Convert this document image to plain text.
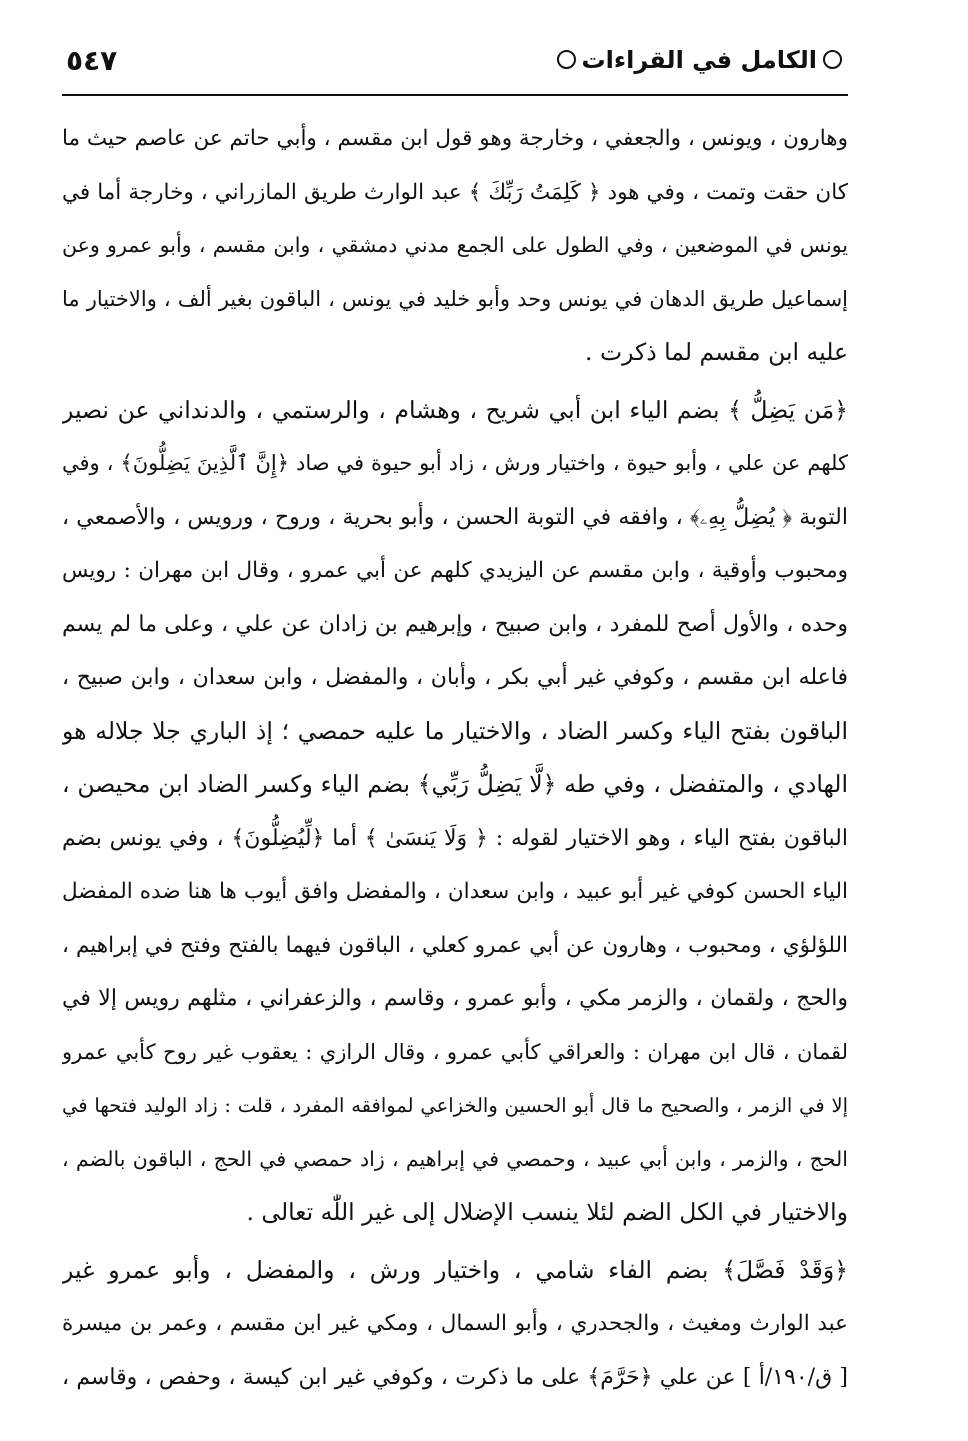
٥٤٧	الكامل في القراءات
وهارون ، ويونس ، والجعفي ، وخارجة وهو قول ابن مقسم ، وأبي حاتم عن عاصم حيث ما
كان حقت وتمت ، وفي هود ﴿ كَلِمَتُ رَبِّكَ ﴾ عبد الوارث طريق المازراني ، وخارجة أما في
يونس في الموضعين ، وفي الطول على الجمع مدني دمشقي ، وابن مقسم ، وأبو عمرو وعن
إسماعيل طريق الدهان في يونس وحد وأبو خليد في يونس ، الباقون بغير ألف ، والاختيار ما
عليه ابن مقسم لما ذكرت .
﴿مَن يَضِلُّ ﴾ بضم الياء ابن أبي شريح ، وهشام ، والرستمي ، والدنداني عن نصير
كلهم عن علي ، وأبو حيوة ، واختيار ورش ، زاد أبو حيوة في صاد ﴿إِنَّ ٱلَّذِينَ يَضِلُّونَ﴾ ، وفي
التوبة ﴿ يُضِلُّ بِهِۦ﴾ ، وافقه في التوبة الحسن ، وأبو بحرية ، وروح ، ورويس ، والأصمعي ،
ومحبوب وأوقية ، وابن مقسم عن اليزيدي كلهم عن أبي عمرو ، وقال ابن مهران : رويس
وحده ، والأول أصح للمفرد ، وابن صبيح ، وإبرهيم بن زادان عن علي ، وعلى ما لم يسم
فاعله ابن مقسم ، وكوفي غير أبي بكر ، وأبان ، والمفضل ، وابن سعدان ، وابن صبيح ،
الباقون بفتح الياء وكسر الضاد ، والاختيار ما عليه حمصي ؛ إذ الباري جلا جلاله هو
الهادي ، والمتفضل ، وفي طه ﴿لَّا يَضِلُّ رَبِّي﴾ بضم الياء وكسر الضاد ابن محيصن ،
الباقون بفتح الياء ، وهو الاختيار لقوله : ﴿ وَلَا يَنسَىٰ ﴾ أما ﴿لِّيُضِلُّونَ﴾ ، وفي يونس بضم
الياء الحسن كوفي غير أبو عبيد ، وابن سعدان ، والمفضل وافق أيوب ها هنا ضده المفضل
اللؤلؤي ، ومحبوب ، وهارون عن أبي عمرو كعلي ، الباقون فيهما بالفتح وفتح في إبراهيم ،
والحج ، ولقمان ، والزمر مكي ، وأبو عمرو ، وقاسم ، والزعفراني ، مثلهم رويس إلا في
لقمان ، قال ابن مهران : والعراقي كأبي عمرو ، وقال الرازي : يعقوب غير روح كأبي عمرو
إلا في الزمر ، والصحيح ما قال أبو الحسين والخزاعي لموافقه المفرد ، قلت : زاد الوليد فتحها في
الحج ، والزمر ، وابن أبي عبيد ، وحمصي في إبراهيم ، زاد حمصي في الحج ، الباقون بالضم ،
والاختيار في الكل الضم لئلا ينسب الإضلال إلى غير اللّٰه تعالى .
﴿وَقَدْ فَصَّلَ﴾ بضم الفاء شامي ، واختيار ورش ، والمفضل ، وأبو عمرو غير
عبد الوارث ومغيث ، والجحدري ، وأبو السمال ، ومكي غير ابن مقسم ، وعمر بن ميسرة
[ ق/١٩٠/أ ] عن علي ﴿حَرَّمَ﴾ على ما ذكرت ، وكوفي غير ابن كيسة ، وحفص ، وقاسم ،
